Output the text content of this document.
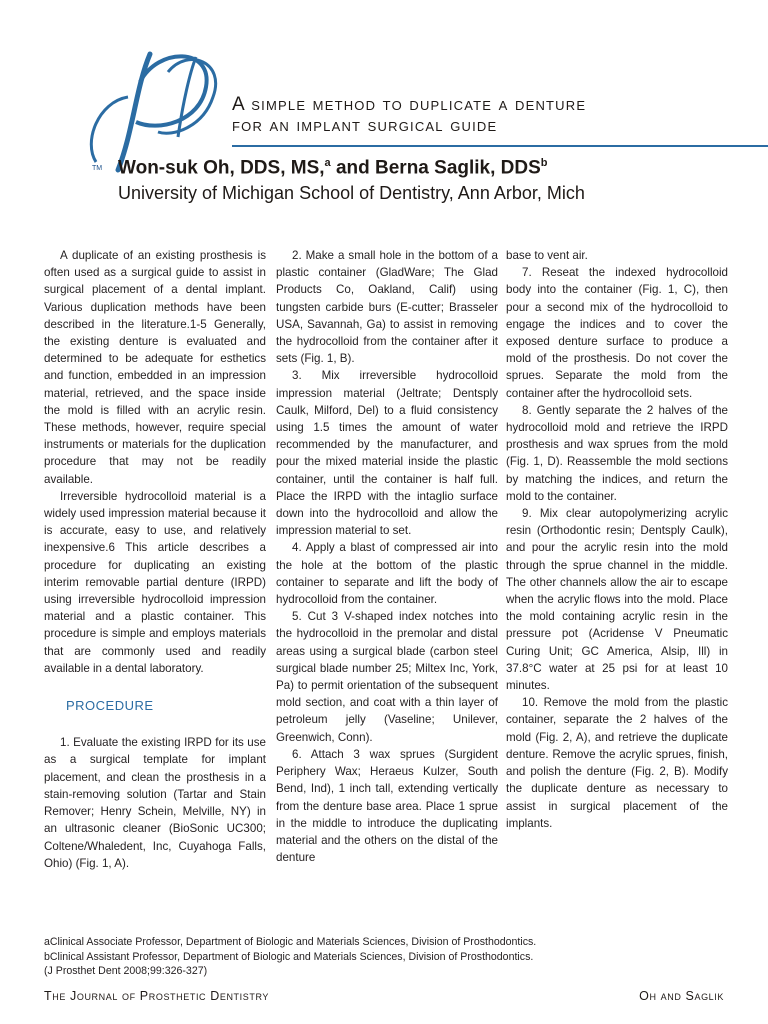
JP
TM
A simple method to duplicate a denture
for an implant surgical guide
Won-suk Oh, DDS, MS,$^a$ and Berna Saglik, DDS$^b$
University of Michigan School of Dentistry, Ann Arbor, Mich

A duplicate of an existing prosthesis is often used as a surgical guide to assist in surgical placement of a dental implant. Various duplication methods have been described in the literature.1-5 Generally, the existing denture is evaluated and determined to be adequate for esthetics and function, embedded in an impression material, retrieved, and the space inside the mold is filled with an acrylic resin. These methods, however, require special instruments or materials for the duplication procedure that may not be readily available.

Irreversible hydrocolloid material is a widely used impression material because it is accurate, easy to use, and relatively inexpensive.6 This article describes a procedure for duplicating an existing interim removable partial denture (IRPD) using irreversible hydrocolloid impression material and a plastic container. This procedure is simple and employs materials that are commonly used and readily available in a dental laboratory.

PROCEDURE

1. Evaluate the existing IRPD for its use as a surgical template for implant placement, and clean the prosthesis in a stain-removing solution (Tartar and Stain Remover; Henry Schein, Melville, NY) in an ultrasonic cleaner (BioSonic UC300; Coltene/Whaledent, Inc, Cuyahoga Falls, Ohio) (Fig. 1, A).

2. Make a small hole in the bottom of a plastic container (GladWare; The Glad Products Co, Oakland, Calif) using tungsten carbide burs (E-cutter; Brasseler USA, Savannah, Ga) to assist in removing the hydrocolloid from the container after it sets (Fig. 1, B).

3. Mix irreversible hydrocolloid impression material (Jeltrate; Dentsply Caulk, Milford, Del) to a fluid consistency using 1.5 times the amount of water recommended by the manufacturer, and pour the mixed material inside the plastic container, until the container is half full. Place the IRPD with the intaglio surface down into the hydrocolloid and allow the impression material to set.

4. Apply a blast of compressed air into the hole at the bottom of the plastic container to separate and lift the body of hydrocolloid from the container.

5. Cut 3 V-shaped index notches into the hydrocolloid in the premolar and distal areas using a surgical blade (carbon steel surgical blade number 25; Miltex Inc, York, Pa) to permit orientation of the subsequent mold section, and coat with a thin layer of petroleum jelly (Vaseline; Unilever, Greenwich, Conn).

6. Attach 3 wax sprues (Surgident Periphery Wax; Heraeus Kulzer, South Bend, Ind), 1 inch tall, extending vertically from the denture base area. Place 1 sprue in the middle to introduce the duplicating material and the others on the distal of the denture

base to vent air.

7. Reseat the indexed hydrocolloid body into the container (Fig. 1, C), then pour a second mix of the hydrocolloid to engage the indices and to cover the exposed denture surface to produce a mold of the prosthesis. Do not cover the sprues. Separate the mold from the container after the hydrocolloid sets.

8. Gently separate the 2 halves of the hydrocolloid mold and retrieve the IRPD prosthesis and wax sprues from the mold (Fig. 1, D). Reassemble the mold sections by matching the indices, and return the mold to the container.

9. Mix clear autopolymerizing acrylic resin (Orthodontic resin; Dentsply Caulk), and pour the acrylic resin into the mold through the sprue channel in the middle. The other channels allow the air to escape when the acrylic flows into the mold. Place the mold containing acrylic resin in the pressure pot (Acridense V Pneumatic Curing Unit; GC America, Alsip, Ill) in 37.8°C water at 25 psi for at least 10 minutes.

10. Remove the mold from the plastic container, separate the 2 halves of the mold (Fig. 2, A), and retrieve the duplicate denture. Remove the acrylic sprues, finish, and polish the denture (Fig. 2, B). Modify the duplicate denture as necessary to assist in surgical placement of the implants.

aClinical Associate Professor, Department of Biologic and Materials Sciences, Division of Prosthodontics.
bClinical Assistant Professor, Department of Biologic and Materials Sciences, Division of Prosthodontics.
(J Prosthet Dent 2008;99:326-327)
The Journal of Prosthetic Dentistry	Oh and Saglik
